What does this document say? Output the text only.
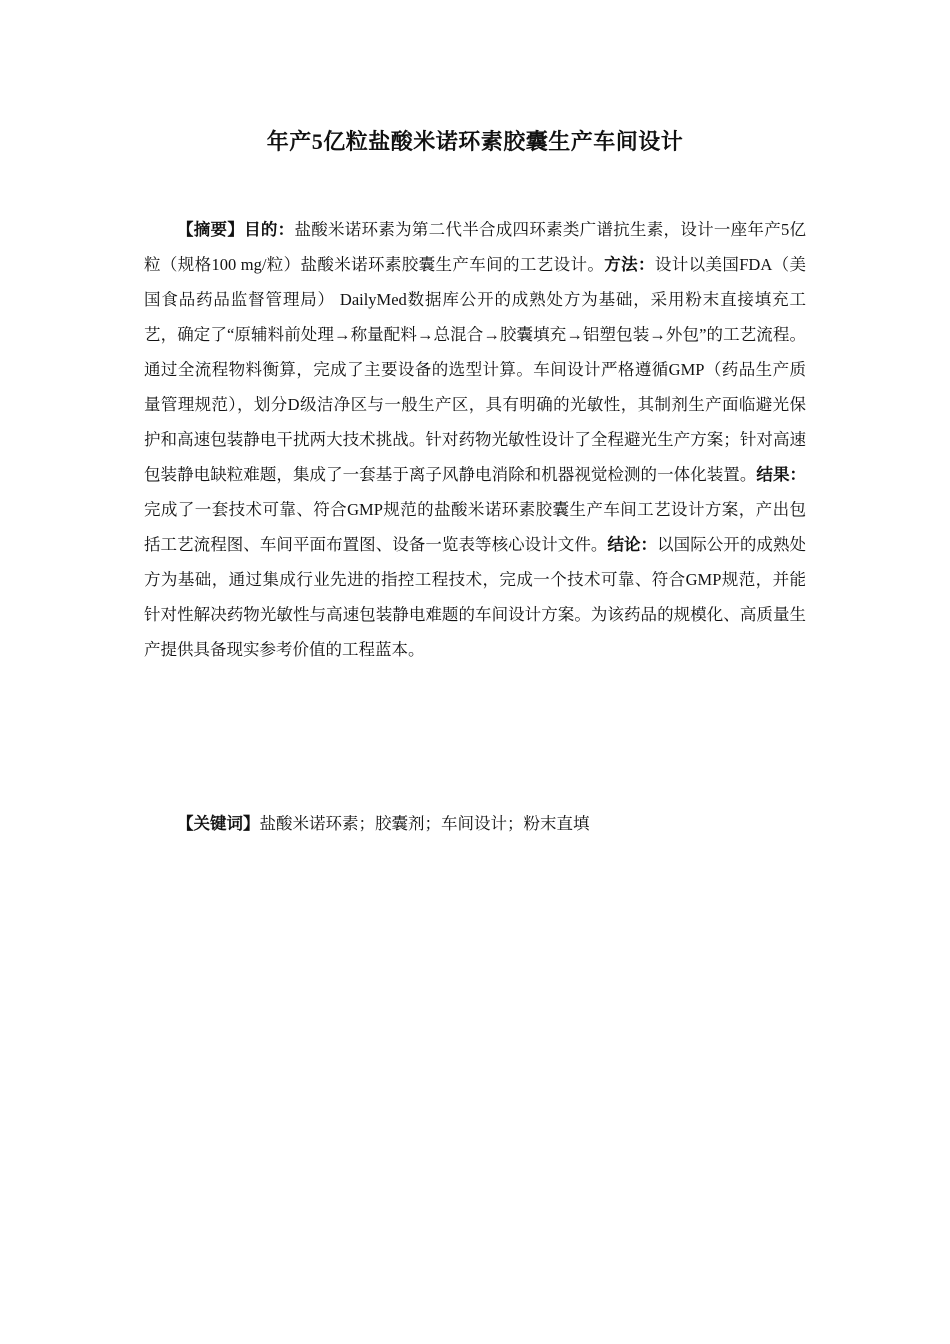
年产5亿粒盐酸米诺环素胶囊生产车间设计

【摘要】目的：盐酸米诺环素为第二代半合成四环素类广谱抗生素，设计一座年产5亿粒（规格100 mg/粒）盐酸米诺环素胶囊生产车间的工艺设计。方法：设计以美国FDA（美国食品药品监督管理局） DailyMed数据库公开的成熟处方为基础，采用粉末直接填充工艺，确定了“原辅料前处理→称量配料→总混合→胶囊填充→铝塑包装→外包”的工艺流程。通过全流程物料衡算，完成了主要设备的选型计算。车间设计严格遵循GMP（药品生产质量管理规范），划分D级洁净区与一般生产区，具有明确的光敏性，其制剂生产面临避光保护和高速包装静电干扰两大技术挑战。针对药物光敏性设计了全程避光生产方案；针对高速包装静电缺粒难题，集成了一套基于离子风静电消除和机器视觉检测的一体化装置。结果：完成了一套技术可靠、符合GMP规范的盐酸米诺环素胶囊生产车间工艺设计方案，产出包括工艺流程图、车间平面布置图、设备一览表等核心设计文件。结论：以国际公开的成熟处方为基础，通过集成行业先进的指控工程技术，完成一个技术可靠、符合GMP规范，并能针对性解决药物光敏性与高速包装静电难题的车间设计方案。为该药品的规模化、高质量生产提供具备现实参考价值的工程蓝本。

【关键词】盐酸米诺环素；胶囊剂；车间设计；粉末直填
